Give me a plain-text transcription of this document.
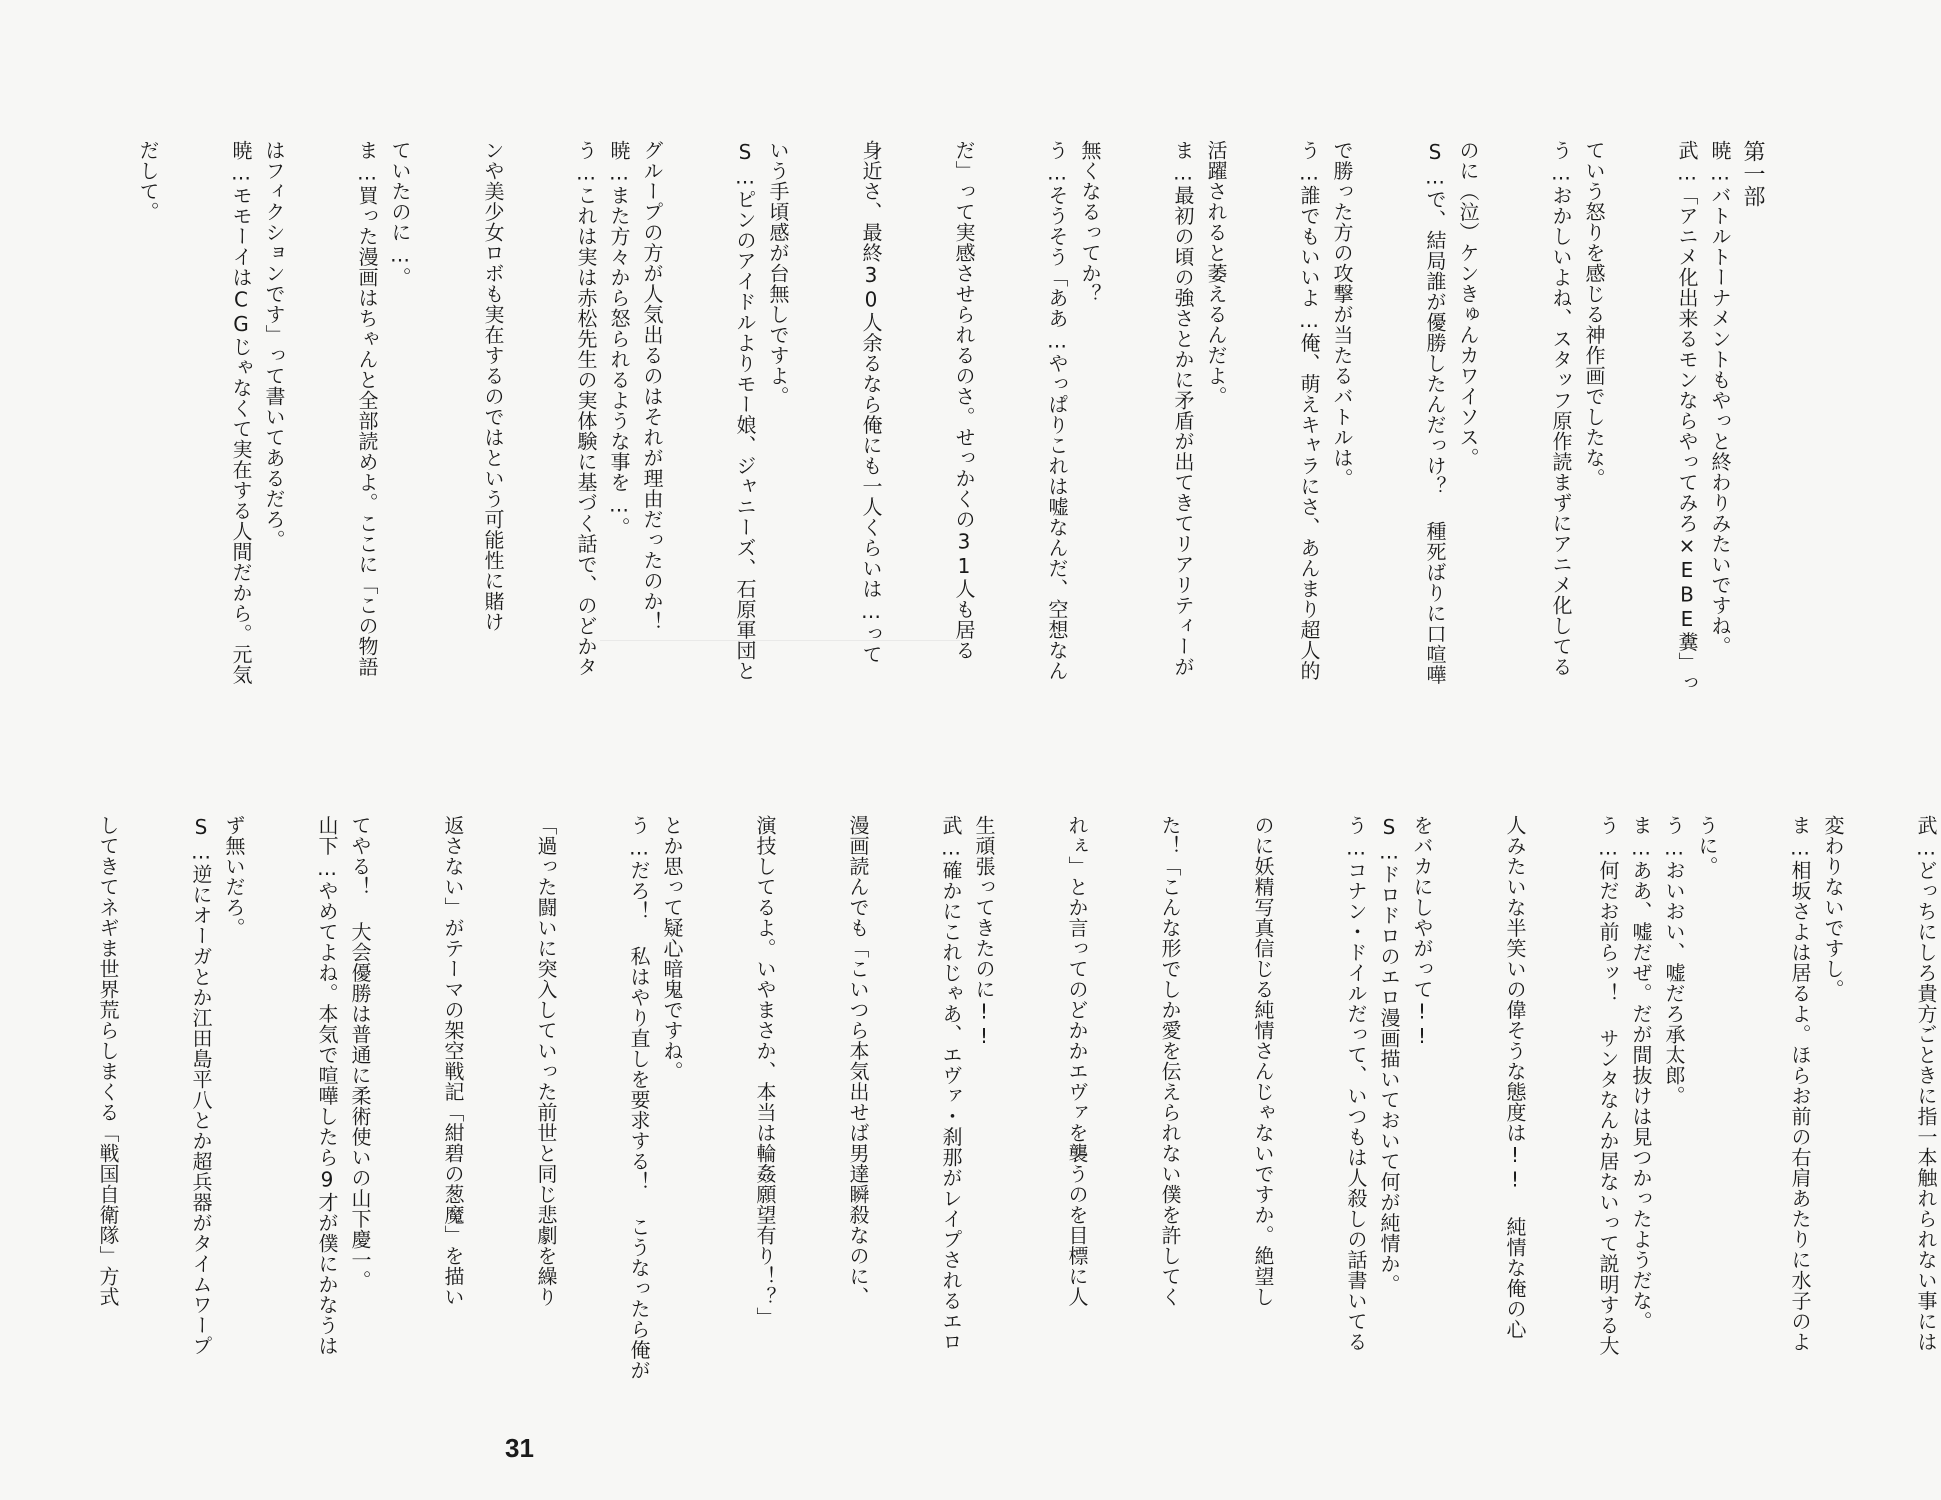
第一部
暁…バトルトーナメントもやっと終わりみたいですね。
武…「アニメ化出来るモンならやってみろ×EBE糞」っ
ていう怒りを感じる神作画でしたな。
う…おかしいよね、スタッフ原作読まずにアニメ化してる
のに（泣）ケンきゅんカワイソス。
S…で、結局誰が優勝したんだっけ？ 種死ばりに口喧嘩
で勝った方の攻撃が当たるバトルは。
う…誰でもいいよ…俺、萌えキャラにさ、あんまり超人的
活躍されると萎えるんだよ。
ま…最初の頃の強さとかに矛盾が出てきてリアリティーが
無くなるってか？
う…そうそう「ああ…やっぱりこれは嘘なんだ、空想なん
だ」って実感させられるのさ。せっかくの31人も居る
身近さ、最終30人余るなら俺にも一人くらいは…って
いう手頃感が台無しですよ。
S…ピンのアイドルよりモー娘、ジャニーズ、石原軍団と
グループの方が人気出るのはそれが理由だったのか！
暁…また方々から怒られるような事を…。
う…これは実は赤松先生の実体験に基づく話で、のどかタ
ンや美少女ロボも実在するのではという可能性に賭け
ていたのに…。
ま…買った漫画はちゃんと全部読めよ。ここに「この物語
はフィクションです」って書いてあるだろ。
暁…モモーイはCGじゃなくて実在する人間だから。元気
だして。
武…どっちにしろ貴方ごときに指一本触れられない事には
変わりないですし。
ま…相坂さよは居るよ。ほらお前の右肩あたりに水子のよ
うに。
う…おいおい、嘘だろ承太郎。
ま…ああ、嘘だぜ。だが間抜けは見つかったようだな。
う…何だお前らッ！ サンタなんか居ないって説明する大
人みたいな半笑いの偉そうな態度は!! 純情な俺の心
をバカにしやがって!!
S…ドロドロのエロ漫画描いておいて何が純情か。
う…コナン・ドイルだって、いつもは人殺しの話書いてる
のに妖精写真信じる純情さんじゃないですか。絶望し
た！「こんな形でしか愛を伝えられない僕を許してく
れぇ」とか言ってのどかかエヴァを襲うのを目標に人
生頑張ってきたのに!!
武…確かにこれじゃあ、エヴァ・刹那がレイプされるエロ
漫画読んでも「こいつら本気出せば男達瞬殺なのに、
演技してるよ。いやまさか、本当は輪姦願望有り！？」
とか思って疑心暗鬼ですね。
う…だろ！ 私はやり直しを要求する！ こうなったら俺が
「過った闘いに突入していった前世と同じ悲劇を繰り
返さない」がテーマの架空戦記「紺碧の葱魔」を描い
てやる！ 大会優勝は普通に柔術使いの山下慶一。
山下…やめてよね。本気で喧嘩したら9才が僕にかなうは
ず無いだろ。
S…逆にオーガとか江田島平八とか超兵器がタイムワープ
してきてネギま世界荒らしまくる「戦国自衛隊」方式
31
